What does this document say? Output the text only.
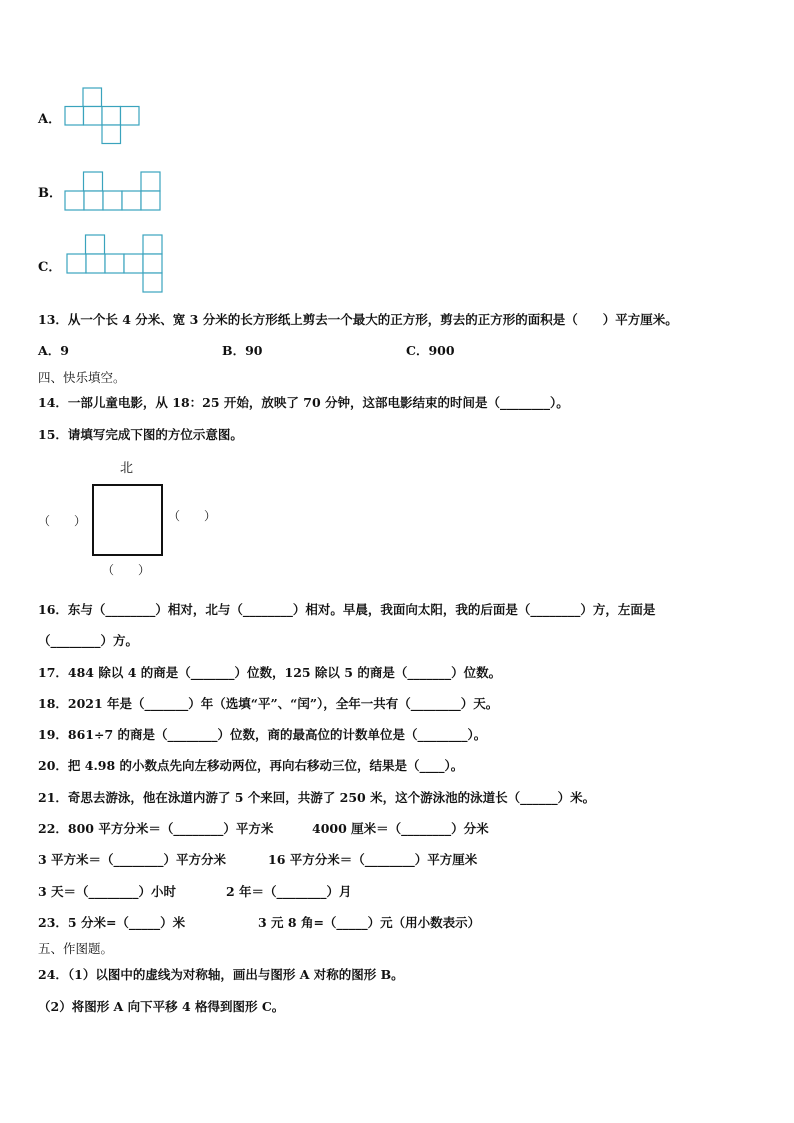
A．
B．
C．
13．从一个长 4 分米、宽 3 分米的长方形纸上剪去一个最大的正方形，剪去的正方形的面积是（　　）平方厘米。
A．9	B．90	C．900
四、快乐填空。
14．一部儿童电影，从 18：25 开始，放映了 70 分钟，这部电影结束的时间是（________）。
15．请填写完成下图的方位示意图。
北
（　　）	（　　）
（　　）
16．东与（________）相对，北与（________）相对。早晨，我面向太阳，我的后面是（________）方，左面是
（________）方。
17．484 除以 4 的商是（_______）位数，125 除以 5 的商是（_______）位数。
18．2021 年是（_______）年（选填“平”、“闰”），全年一共有（________）天。
19．861÷7 的商是（________）位数，商的最高位的计数单位是（________）。
20．把 4.98 的小数点先向左移动两位，再向右移动三位，结果是（____）。
21．奇思去游泳，他在泳道内游了 5 个来回，共游了 250 米，这个游泳池的泳道长（______）米。
22．800 平方分米＝（________）平方米	4000 厘米＝（________）分米
3 平方米＝（________）平方分米	16 平方分米＝（________）平方厘米
3 天＝（________）小时	2 年＝（________）月
23．5 分米=（_____）米	3 元 8 角=（_____）元（用小数表示）
五、作图题。
24．（1）以图中的虚线为对称轴，画出与图形 A 对称的图形 B。
（2）将图形 A 向下平移 4 格得到图形 C。
